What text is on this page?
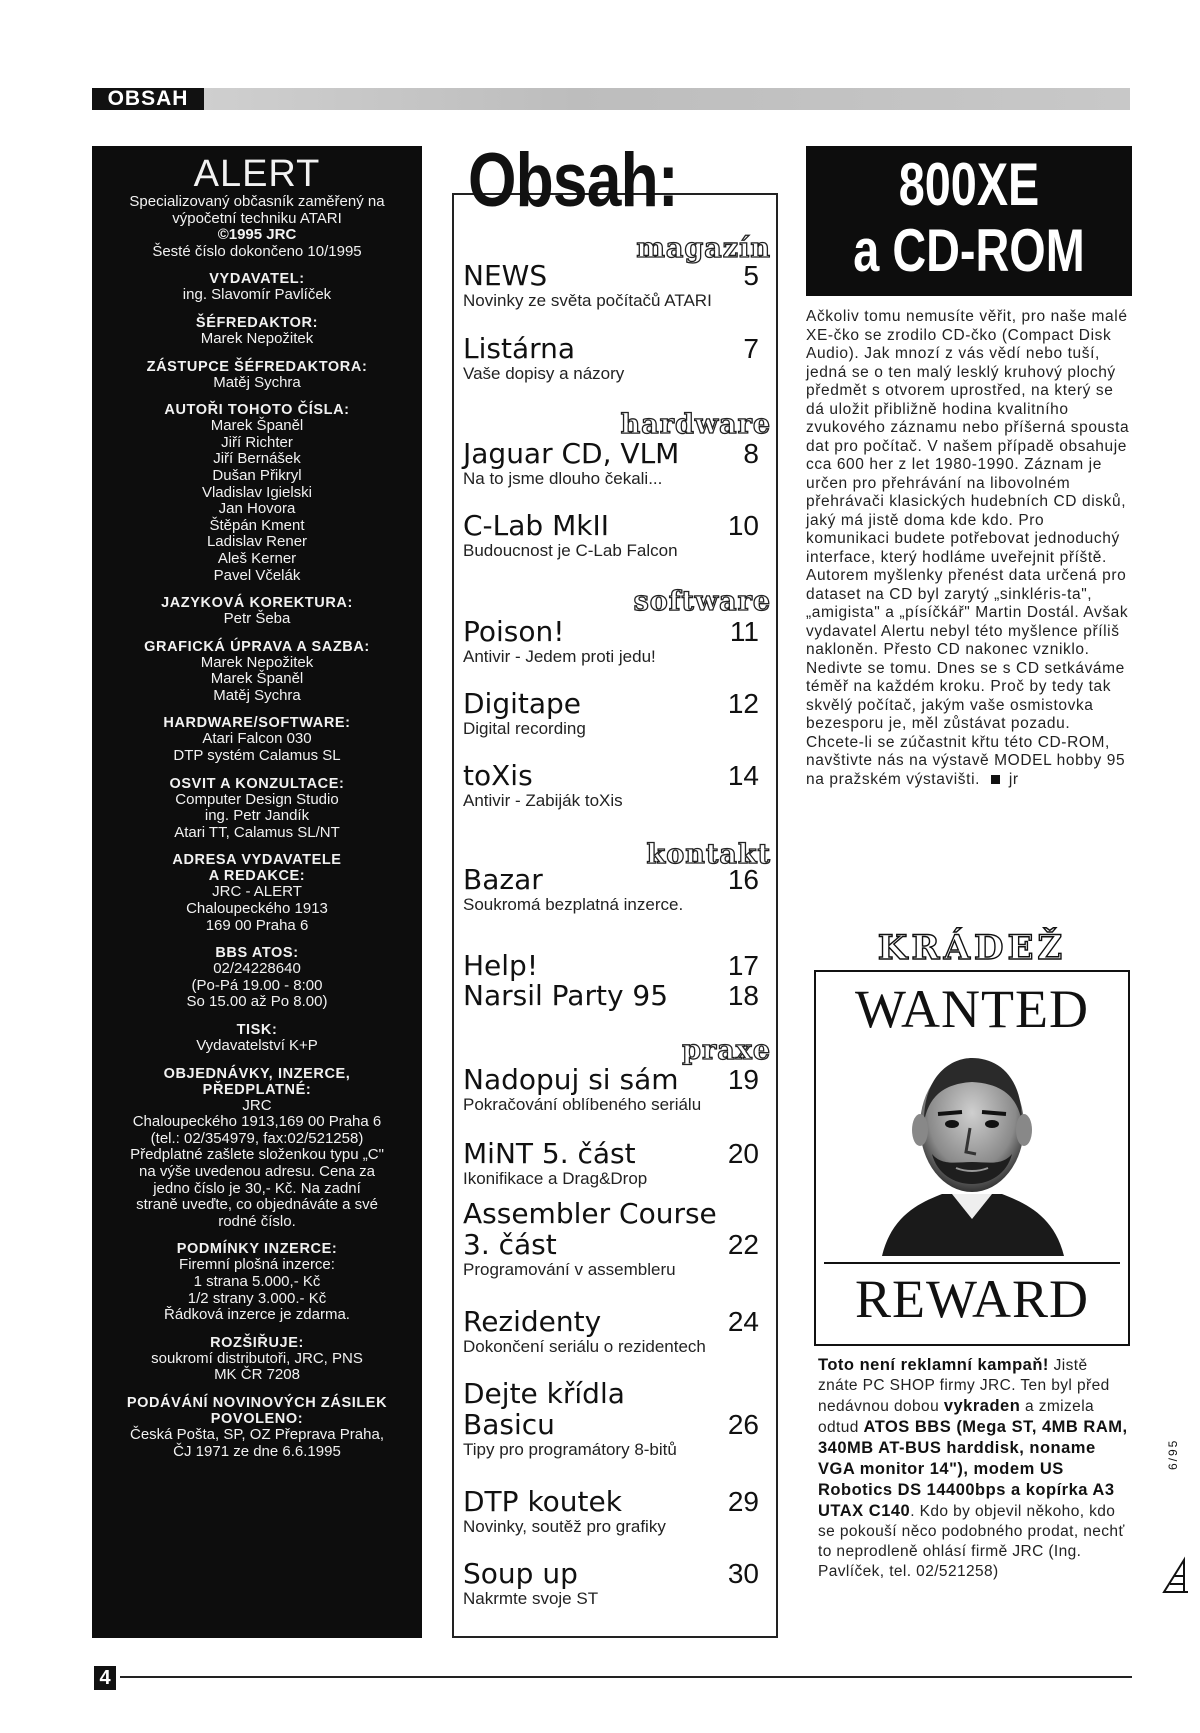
OBSAH
ALERT
Specializovaný občasník zaměřený na
výpočetní techniku ATARI
©1995 JRC
Šesté číslo dokončeno 10/1995
VYDAVATEL:
ing. Slavomír Pavlíček
ŠÉFREDAKTOR:
Marek Nepožitek
ZÁSTUPCE ŠÉFREDAKTORA:
Matěj Sychra
AUTOŘI TOHOTO ČÍSLA:
Marek Španěl
Jiří Richter
Jiří Bernášek
Dušan Přikryl
Vladislav Igielski
Jan Hovora
Štěpán Kment
Ladislav Rener
Aleš Kerner
Pavel Včelák
JAZYKOVÁ KOREKTURA:
Petr Šeba
GRAFICKÁ ÚPRAVA A SAZBA:
Marek Nepožitek
Marek Španěl
Matěj Sychra
HARDWARE/SOFTWARE:
Atari Falcon 030
DTP systém Calamus SL
OSVIT A KONZULTACE:
Computer Design Studio
ing. Petr Jandík
Atari TT, Calamus SL/NT
ADRESA VYDAVATELE
A REDAKCE:
JRC - ALERT
Chaloupeckého 1913
169 00 Praha 6
BBS ATOS:
02/24228640
(Po-Pá 19.00 - 8:00
So 15.00 až Po 8.00)
TISK:
Vydavatelství K+P
OBJEDNÁVKY, INZERCE,
PŘEDPLATNÉ:
JRC
Chaloupeckého 1913,169 00 Praha 6
(tel.: 02/354979, fax:02/521258)
Předplatné zašlete složenkou typu „C"
na výše uvedenou adresu. Cena za
jedno číslo je 30,- Kč. Na zadní
straně uveďte, co objednáváte a své
rodné číslo.
PODMÍNKY INZERCE:
Firemní plošná inzerce:
1 strana 5.000,- Kč
1/2 strany 3.000.- Kč
Řádková inzerce je zdarma.
ROZŠIŘUJE:
soukromí distributoři, JRC, PNS
MK ČR 7208
PODÁVÁNÍ NOVINOVÝCH ZÁSILEK
POVOLENO:
Česká Pošta, SP, OZ Přeprava Praha,
ČJ 1971 ze dne 6.6.1995
Obsah:
magazín
hardware
software
kontakt
praxe
NEWS	5
Novinky ze světa počítačů ATARI
Listárna	7
Vaše dopisy a názory
Jaguar CD, VLM 8
Na to jsme dlouho čekali...
C-Lab MkII	10
Budoucnost je C-Lab Falcon
Poison!	11
Antivir - Jedem proti jedu!
Digitape	12
Digital recording
toXis	14
Antivir - Zabiják toXis
Bazar	16
Soukromá bezplatná inzerce.
Help!	17
Narsil Party 95 18
Nadopuj si sám 19
Pokračování oblíbeného seriálu
MiNT 5. část	20
Ikonifikace a Drag&Drop
Assembler Course
3. část	22
Programování v assembleru
Rezidenty	24
Dokončení seriálu o rezidentech
Dejte křídla
Basicu	26
Tipy pro programátory 8-bitů
DTP koutek	29
Novinky, soutěž pro grafiky
Soup up	30
Nakrmte svoje ST
800XE
a CD-ROM
Ačkoliv tomu nemusíte věřit, pro naše malé XE-čko se zrodilo CD-čko (Compact Disk Audio). Jak mnozí z vás vědí nebo tuší, jedná se o ten malý lesklý kruhový plochý předmět s otvorem uprostřed, na který se dá uložit přibližně hodina kvalitního zvukového záznamu nebo příšerná spousta dat pro počítač. V našem případě obsahuje cca 600 her z let 1980-1990. Záznam je určen pro přehrávání na libovolném přehrávači klasických hudebních CD disků, jaký má jistě doma kde kdo. Pro komunikaci budete potřebovat jednoduchý interface, který hodláme uveřejnit příště. Autorem myšlenky přenést data určená pro dataset na CD byl zarytý „sinkléris-ta", „amigista" a „písíčkář" Martin Dostál. Avšak vydavatel Alertu nebyl této myšlence příliš nakloněn. Přesto CD nakonec vzniklo. Nedivte se tomu. Dnes se s CD setkáváme téměř na každém kroku. Proč by tedy tak skvělý počítač, jakým vaše osmistovka bezesporu je, měl zůstávat pozadu. Chcete-li se zúčastnit křtu této CD-ROM, navštivte nás na výstavě MODEL hobby 95 na pražském výstavišti. jr
KRÁDEŽ
WANTED
REWARD
Toto není reklamní kampaň! Jistě znáte PC SHOP firmy JRC. Ten byl před nedávnou dobou vykraden a zmizela odtud ATOS BBS (Mega ST, 4MB RAM, 340MB AT-BUS harddisk, noname VGA monitor 14"), modem US Robotics DS 14400bps a kopírka A3 UTAX C140. Kdo by objevil někoho, kdo se pokouší něco podobného prodat, nechť to neprodleně ohlásí firmě JRC (Ing. Pavlíček, tel. 02/521258)
6/95
4
